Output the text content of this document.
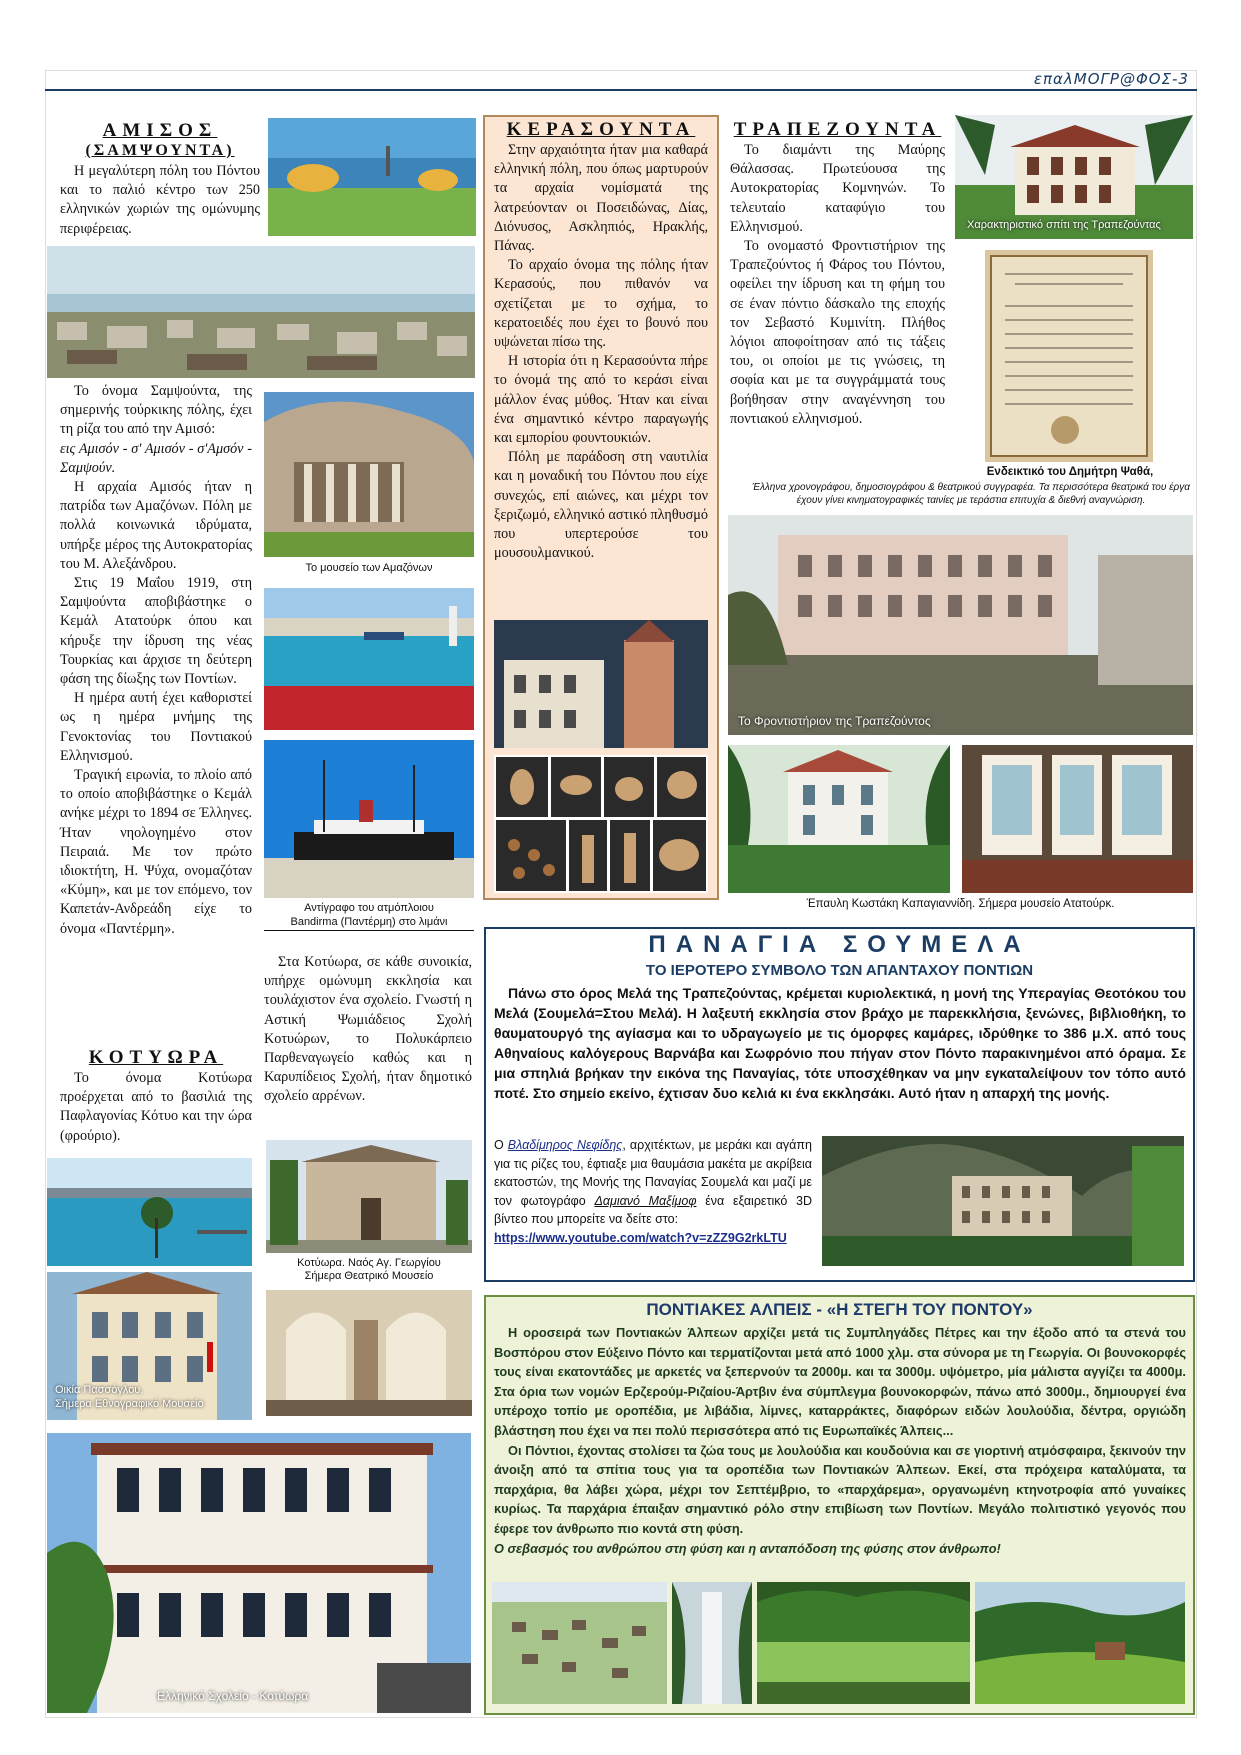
επαλΜΟΓΡ@ΦΟΣ-3
ΑΜΙΣΟΣ
(ΣΑΜΨΟΥΝΤΑ)

Η μεγαλύτερη πόλη του Πόντου και το παλιό κέντρο των 250 ελληνικών χωριών της ομώνυμης περιφέρειας.

Το όνομα Σαμψούντα, της σημερινής τούρκικης πόλης, έχει τη ρίζα του από την Αμισό:

εις Αμισόν - σ' Αμισόν - σ'Αμσόν - Σαμψούν.

Η αρχαία Αμισός ήταν η πατρίδα των Αμαζόνων. Πόλη με πολλά κοινωνικά ιδρύματα, υπήρξε μέρος της Αυτοκρατορίας του Μ. Αλεξάνδρου.

Στις 19 Μαΐου 1919, στη Σαμψούντα αποβιβάστηκε ο Κεμάλ Ατατούρκ όπου και κήρυξε την ίδρυση της νέας Τουρκίας και άρχισε τη δεύτερη φάση της δίωξης των Ποντίων.

Η ημέρα αυτή έχει καθοριστεί ως η ημέρα μνήμης της Γενοκτονίας του Ποντιακού Ελληνισμού.

Τραγική ειρωνία, το πλοίο από το οποίο αποβιβάστηκε ο Κεμάλ ανήκε μέχρι το 1894 σε Έλληνες. Ήταν νηολογημένο στον Πειραιά. Με τον πρώτο ιδιοκτήτη, Η. Ψύχα, ονομαζόταν «Κύμη», και με τον επόμενο, τον Καπετάν-Ανδρεάδη είχε το όνομα «Παντέρμη».

Το μουσείο των Αμαζόνων
Αντίγραφο του ατμόπλοιου
Bandirma (Παντέρμη) στο λιμάνι
ΚΟΤΥΩΡΑ

Το όνομα Κοτύωρα προέρχεται από το βασιλιά της Παφλαγονίας Κότυο και την ώρα (φρούριο).

Στα Κοτύωρα, σε κάθε συνοικία, υπήρχε ομώνυμη εκκλησία και τουλάχιστον ένα σχολείο. Γνωστή η Αστική Ψωμιάδειος Σχολή Κοτυώρων, το Πολυκάρπειο Παρθεναγωγείο καθώς και η Καρυπίδειος Σχολή, ήταν δημοτικό σχολείο αρρένων.

Οικία Πασσόγλου.
Σήμερα Εθνογραφικό Μουσείο
Κοτύωρα. Ναός Αγ. Γεωργίου
Σήμερα Θεατρικό Μουσείο
Ελληνικό Σχολείο - Κοτύωρα
ΚΕΡΑΣΟΥΝΤΑ

Στην αρχαιότητα ήταν μια καθαρά ελληνική πόλη, που όπως μαρτυρούν τα αρχαία νομίσματά της λατρεύονταν οι Ποσειδώνας, Δίας, Διόνυσος, Ασκληπιός, Ηρακλής, Πάνας.

Το αρχαίο όνομα της πόλης ήταν Κερασούς, που πιθανόν να σχετίζεται με το σχήμα, το κερατοειδές που έχει το βουνό που υψώνεται πίσω της.

Η ιστορία ότι η Κερασούντα πήρε το όνομά της από το κεράσι είναι μάλλον ένας μύθος. Ήταν και είναι ένα σημαντικό κέντρο παραγωγής και εμπορίου φουντουκιών.

Πόλη με παράδοση στη ναυτιλία και η μοναδική του Πόντου που είχε συνεχώς, επί αιώνες, και μέχρι τον ξεριζωμό, ελληνικό αστικό πληθυσμό που υπερτερούσε του μουσουλμανικού.

ΤΡΑΠΕΖΟΥΝΤΑ

Το διαμάντι της Μαύρης Θάλασσας. Πρωτεύουσα της Αυτοκρατορίας Κομνηνών. Το τελευταίο καταφύγιο του Ελληνισμού.

Το ονομαστό Φροντιστήριον της Τραπεζούντος ή Φάρος του Πόντου, οφείλει την ίδρυση και τη φήμη του σε έναν πόντιο δάσκαλο της εποχής τον Σεβαστό Κυμινίτη. Πλήθος λόγιοι αποφοίτησαν από τις τάξεις του, οι οποίοι με τις γνώσεις, τη σοφία και με τα συγγράμματά τους βοήθησαν στην αναγέννηση του ποντιακού ελληνισμού.

Χαρακτηριστικό σπίτι της Τραπεζούντας
Ενδεικτικό του Δημήτρη Ψαθά,
Έλληνα χρονογράφου, δημοσιογράφου & θεατρικού συγγραφέα. Τα περισσότερα θεατρικά του έργα έχουν γίνει κινηματογραφικές ταινίες με τεράστια επιτυχία & διεθνή αναγνώριση.
Το Φροντιστήριον της Τραπεζούντος
Έπαυλη Κωστάκη Καπαγιαννίδη. Σήμερα μουσείο Ατατούρκ.
ΠΑΝΑΓΙΑ ΣΟΥΜΕΛΑ
ΤΟ ΙΕΡΟΤΕΡΟ ΣΥΜΒΟΛΟ ΤΩΝ ΑΠΑΝΤΑΧΟΥ ΠΟΝΤΙΩΝ
Πάνω στο όρος Μελά της Τραπεζούντας, κρέμεται κυριολεκτικά, η μονή της Υπεραγίας Θεοτόκου του Μελά (Σουμελά=Στου Μελά). Η λαξευτή εκκλησία στον βράχο με παρεκκλήσια, ξενώνες, βιβλιοθήκη, το θαυματουργό της αγίασμα και το υδραγωγείο με τις όμορφες καμάρες, ιδρύθηκε το 386 μ.Χ. από τους Αθηναίους καλόγερους Βαρνάβα και Σωφρόνιο που πήγαν στον Πόντο παρακινημένοι από όραμα. Σε μια σπηλιά βρήκαν την εικόνα της Παναγίας, τότε υποσχέθηκαν να μην εγκαταλείψουν τον τόπο αυτό ποτέ. Στο σημείο εκείνο, έχτισαν δυο κελιά κι ένα εκκλησάκι. Αυτό ήταν η απαρχή της μονής.
Ο Βλαδίμηρος Νεφίδης, αρχιτέκτων, με μεράκι και αγάπη για τις ρίζες του, έφτιαξε μια θαυμάσια μακέτα με ακρίβεια εκατοστών, της Μονής της Παναγίας Σουμελά και μαζί με τον φωτογράφο Δαμιανό Μαξίμοφ ένα εξαιρετικό 3D βίντεο που μπορείτε να δείτε στο:
https://www.youtube.com/watch?v=zZZ9G2rkLTU
ΠΟΝΤΙΑΚΕΣ ΑΛΠΕΙΣ - «Η ΣΤΕΓΗ ΤΟΥ ΠΟΝΤΟΥ»

Η οροσειρά των Ποντιακών Άλπεων αρχίζει μετά τις Συμπληγάδες Πέτρες και την έξοδο από τα στενά του Βοσπόρου στον Εύξεινο Πόντο και τερματίζονται μετά από 1000 χλμ. στα σύνορα με τη Γεωργία. Οι βουνοκορφές τους είναι εκατοντάδες με αρκετές να ξεπερνούν τα 2000μ. και τα 3000μ. υψόμετρο, μία μάλιστα αγγίζει τα 4000μ. Στα όρια των νομών Ερζερούμ-Ριζαίου-Άρτβιν ένα σύμπλεγμα βουνοκορφών, πάνω από 3000μ., δημιουργεί ένα υπέροχο τοπίο με οροπέδια, με λιβάδια, λίμνες, καταρράκτες, διαφόρων ειδών λουλούδια, δέντρα, οργιώδη βλάστηση που έχει να πει πολύ περισσότερα από τις Ευρωπαϊκές Άλπεις...

Οι Πόντιοι, έχοντας στολίσει τα ζώα τους με λουλούδια και κουδούνια και σε γιορτινή ατμόσφαιρα, ξεκινούν την άνοιξη από τα σπίτια τους για τα οροπέδια των Ποντιακών Άλπεων. Εκεί, στα πρόχειρα καταλύματα, τα παρχάρια, θα λάβει χώρα, μέχρι τον Σεπτέμβριο, το «παρχάρεμα», οργανωμένη κτηνοτροφία από γυναίκες κυρίως. Τα παρχάρια έπαιξαν σημαντικό ρόλο στην επιβίωση των Ποντίων. Μεγάλο πολιτιστικό γεγονός που έφερε τον άνθρωπο πιο κοντά στη φύση.

Ο σεβασμός του ανθρώπου στη φύση και η ανταπόδοση της φύσης στον άνθρωπο!
